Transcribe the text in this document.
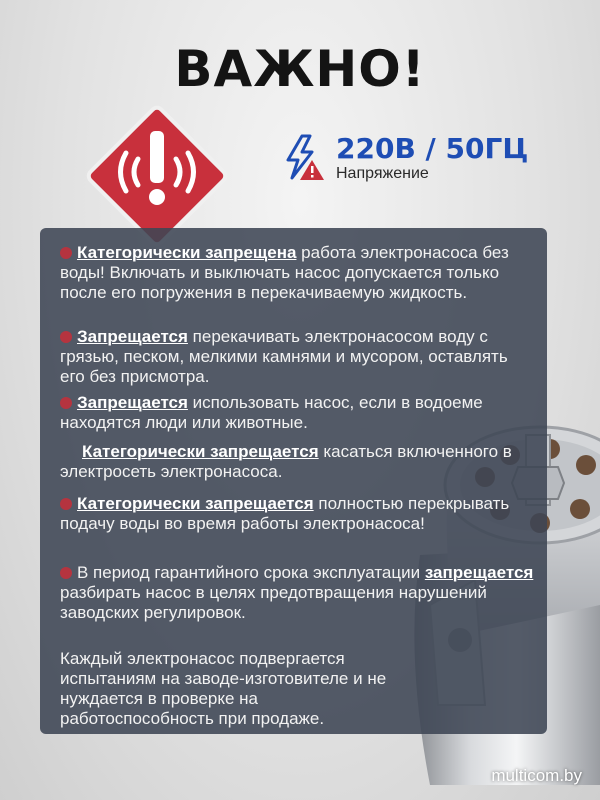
ВАЖНО!
220В / 50ГЦ
Напряжение
Категорически запрещена работа электронасоса без воды! Включать и выключать насос допускается только после его погружения в перекачиваемую жидкость.
Запрещается перекачивать электронасосом воду с грязью, песком, мелкими камнями и мусором, оставлять его без присмотра.
Запрещается использовать насос, если в водоеме находятся люди или животные.
Категорически запрещается касаться включенного в электросеть электронасоса.
Категорически запрещается полностью перекрывать подачу воды во время работы электронасоса!
В период гарантийного срока эксплуатации запрещается разбирать насос в целях предотвращения нарушений заводских регулировок.
Каждый электронасос подвергается испытаниям на заводе-изготовителе и не нуждается в проверке на работоспособность при продаже.
multicom.by
